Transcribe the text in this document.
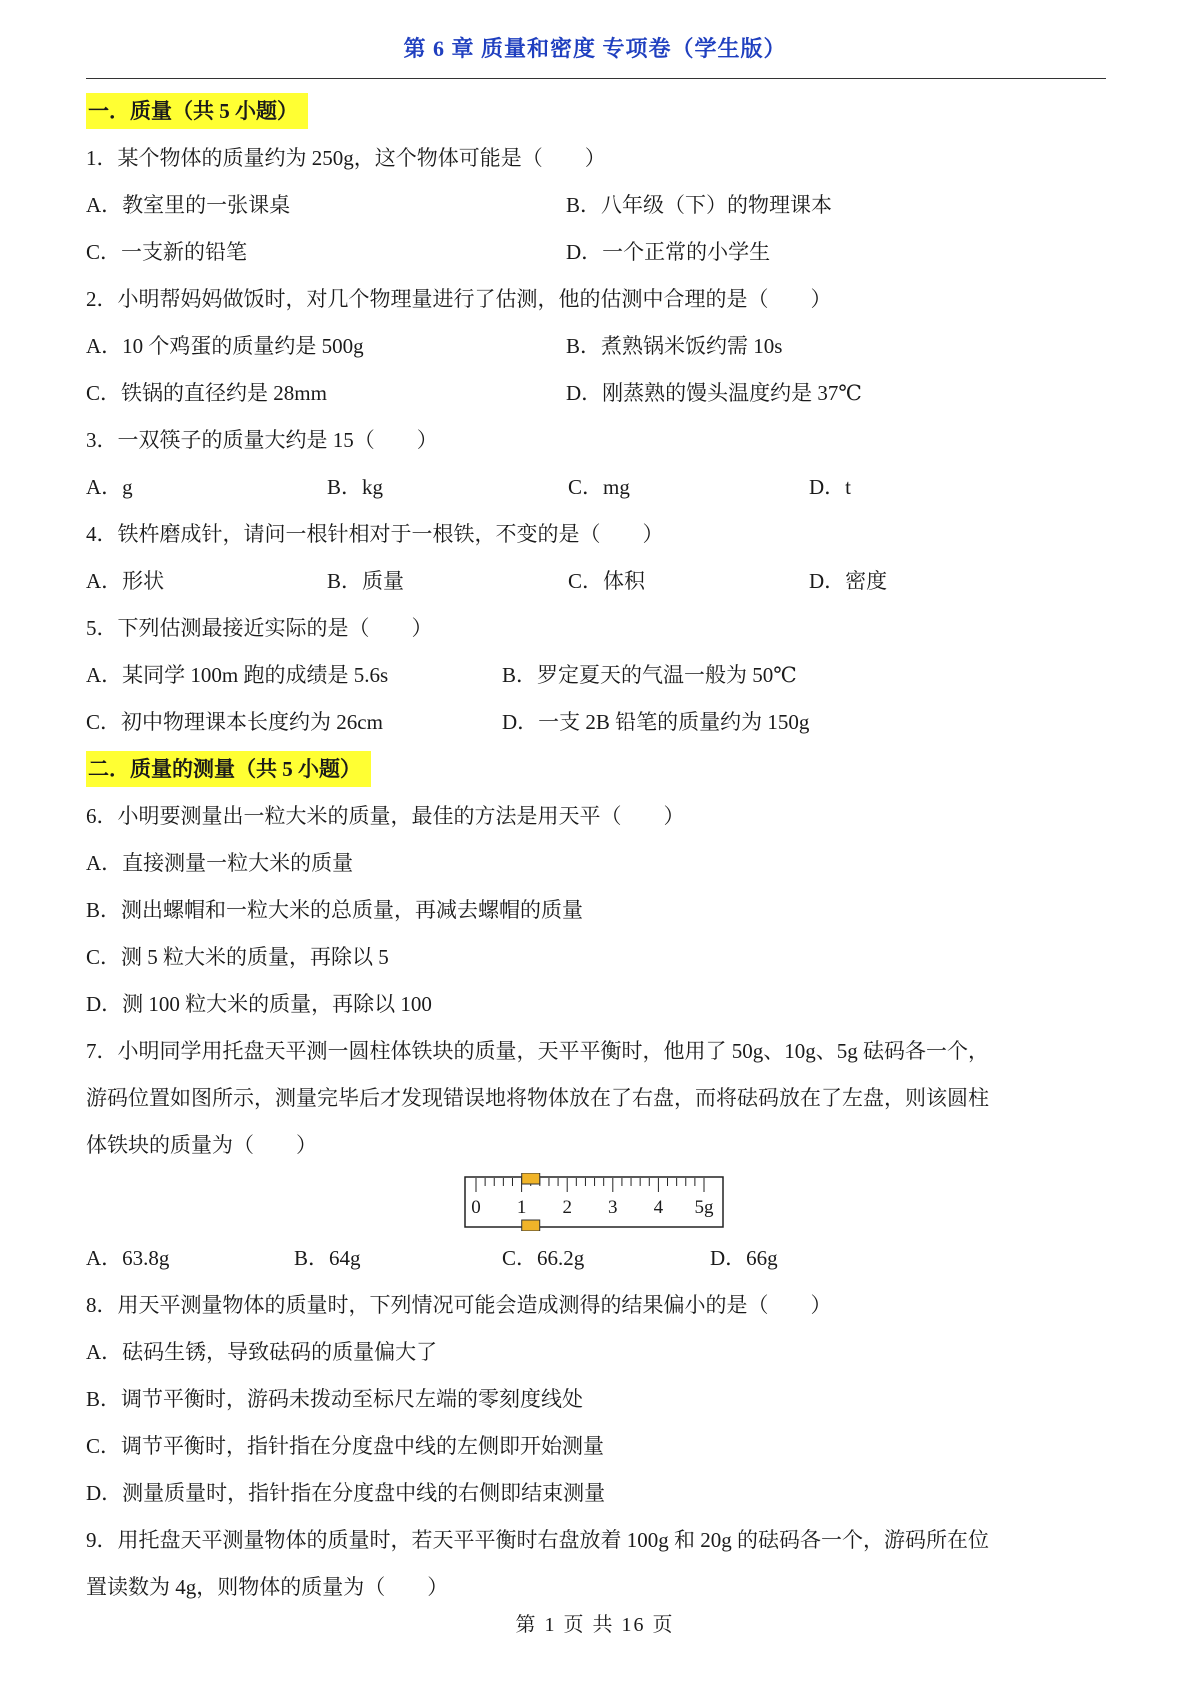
第 6 章 质量和密度 专项卷（学生版）
一．质量（共 5 小题）
1．某个物体的质量约为 250g，这个物体可能是（　　）
A．教室里的一张课桌	B．八年级（下）的物理课本
C．一支新的铅笔	D．一个正常的小学生
2．小明帮妈妈做饭时，对几个物理量进行了估测，他的估测中合理的是（　　）
A．10 个鸡蛋的质量约是 500g	B．煮熟锅米饭约需 10s
C．铁锅的直径约是 28mm	D．刚蒸熟的馒头温度约是 37℃
3．一双筷子的质量大约是 15（　　）
A．g	B．kg	C．mg	D．t
4．铁杵磨成针，请问一根针相对于一根铁，不变的是（　　）
A．形状	B．质量	C．体积	D．密度
5．下列估测最接近实际的是（　　）
A．某同学 100m 跑的成绩是 5.6s	B．罗定夏天的气温一般为 50℃
C．初中物理课本长度约为 26cm	D．一支 2B 铅笔的质量约为 150g
二．质量的测量（共 5 小题）
6．小明要测量出一粒大米的质量，最佳的方法是用天平（　　）
A．直接测量一粒大米的质量
B．测出螺帽和一粒大米的总质量，再减去螺帽的质量
C．测 5 粒大米的质量，再除以 5
D．测 100 粒大米的质量，再除以 100
7．小明同学用托盘天平测一圆柱体铁块的质量，天平平衡时，他用了 50g、10g、5g 砝码各一个，
游码位置如图所示，测量完毕后才发现错误地将物体放在了右盘，而将砝码放在了左盘，则该圆柱
体铁块的质量为（　　）
0 1 2 3 4 5g
A．63.8g	B．64g	C．66.2g	D．66g
8．用天平测量物体的质量时，下列情况可能会造成测得的结果偏小的是（　　）
A．砝码生锈，导致砝码的质量偏大了
B．调节平衡时，游码未拨动至标尺左端的零刻度线处
C．调节平衡时，指针指在分度盘中线的左侧即开始测量
D．测量质量时，指针指在分度盘中线的右侧即结束测量
9．用托盘天平测量物体的质量时，若天平平衡时右盘放着 100g 和 20g 的砝码各一个，游码所在位
置读数为 4g，则物体的质量为（　　）
第 1 页 共 16 页
